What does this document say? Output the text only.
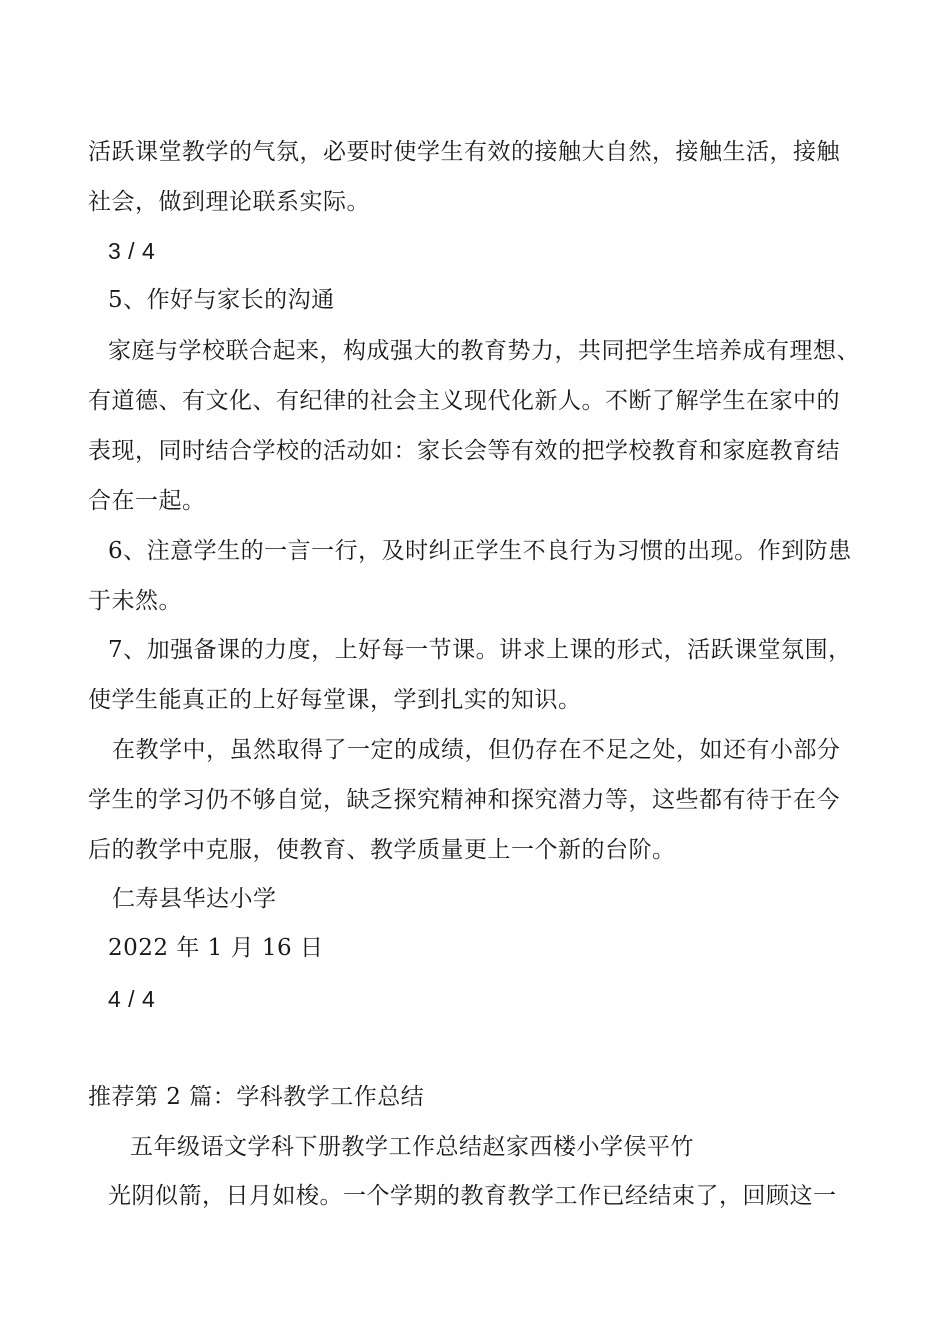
活跃课堂教学的气氛，必要时使学生有效的接触大自然，接触生活，接触
社会，做到理论联系实际。
3 / 4
5、作好与家长的沟通
家庭与学校联合起来，构成强大的教育势力，共同把学生培养成有理想、
有道德、有文化、有纪律的社会主义现代化新人。不断了解学生在家中的
表现，同时结合学校的活动如：家长会等有效的把学校教育和家庭教育结
合在一起。
6、注意学生的一言一行，及时纠正学生不良行为习惯的出现。作到防患
于未然。
7、加强备课的力度，上好每一节课。讲求上课的形式，活跃课堂氛围，
使学生能真正的上好每堂课，学到扎实的知识。
在教学中，虽然取得了一定的成绩，但仍存在不足之处，如还有小部分
学生的学习仍不够自觉，缺乏探究精神和探究潜力等，这些都有待于在今
后的教学中克服，使教育、教学质量更上一个新的台阶。
仁寿县华达小学
2022 年 1 月 16 日
4 / 4
推荐第 2 篇：学科教学工作总结
五年级语文学科下册教学工作总结赵家西楼小学侯平竹
光阴似箭，日月如梭。一个学期的教育教学工作已经结束了，回顾这一
